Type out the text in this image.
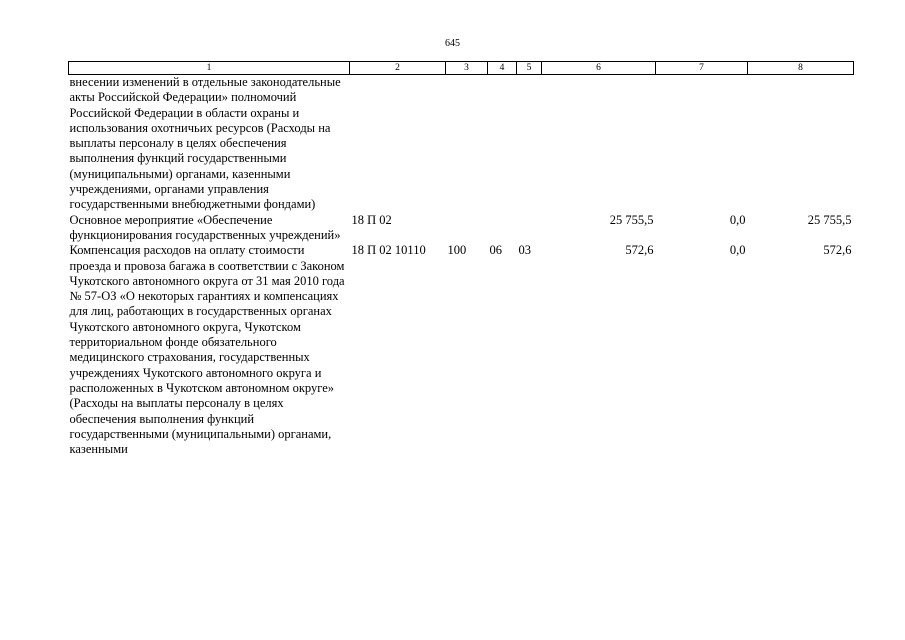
645
1	2	3	4	5	6	7	8
внесении изменений в отдельные законодательные акты Российской Федерации» полномочий Российской Федерации в области охраны и использования охотничьих ресурсов (Расходы на выплаты персоналу в целях обеспечения выполнения функций государственными (муниципальными) органами, казенными учреждениями, органами управления государственными внебюджетными фондами)							
Основное мероприятие «Обеспечение функционирования государственных учреждений»	18 П 02				25 755,5	0,0	25 755,5
Компенсация расходов на оплату стоимости проезда и провоза багажа в соответствии с Законом Чукотского автономного округа от 31 мая 2010 года № 57-ОЗ «О некоторых гарантиях и компенсациях для лиц, работающих в государственных органах Чукотского автономного округа, Чукотском территориальном фонде обязательного медицинского страхования, государственных учреждениях Чукотского автономного округа и расположенных в Чукотском автономном округе» (Расходы на выплаты персоналу в целях обеспечения выполнения функций государственными (муниципальными) органами, казенными	18 П 02 10110	100	06	03	572,6	0,0	572,6
